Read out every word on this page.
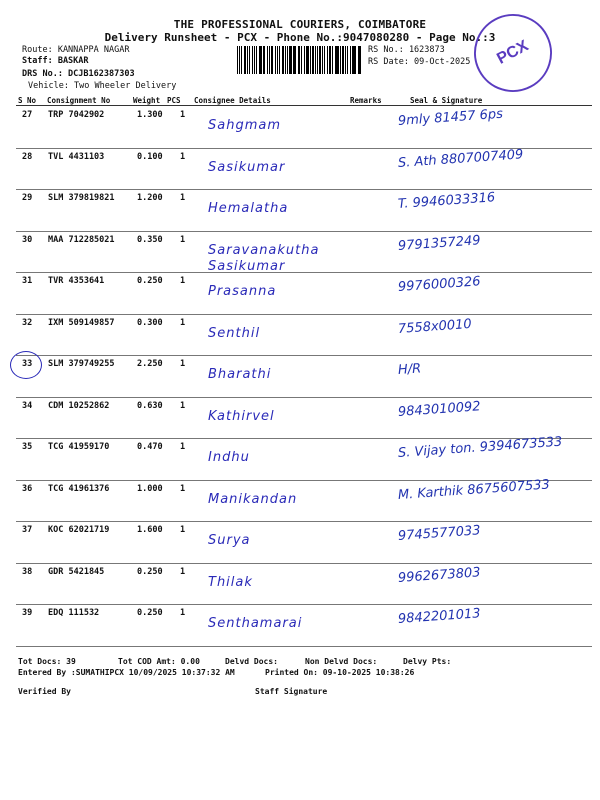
THE PROFESSIONAL COURIERS, COIMBATORE
Delivery Runsheet - PCX - Phone No.:9047080280 - Page No.:3
Route: KANNAPPA NAGAR
Staff: BASKAR
DRS No.: DCJB162387303
Vehicle: Two Wheeler Delivery
RS No.: 1623873
RS Date: 09-Oct-2025 PCX
S No Consignment No	Weight PCS Consignee Details	Remarks	Seal & Signature
27 TRP 7042902	1.300 1
Sahgmam	9mly 81457 6ps
28 TVL 4431103	0.100 1
Sasikumar	S. Ath 8807007409
29 SLM 379819821	1.200 1
Hemalatha	T. 9946033316
30 MAA 712285021	0.350 1
Saravanakutha Sasikumar
9791357249
31 TVR 4353641	0.250 1
Prasanna	9976000326
32 IXM 509149857	0.300 1
Senthil	7558x0010
33 SLM 379749255	2.250 1
Bharathi	H/R
34 CDM 10252862	0.630 1
Kathirvel	9843010092
35 TCG 41959170	0.470 1
Indhu	S. Vijay ton. 9394673533
36 TCG 41961376	1.000 1
Manikandan	M. Karthik 8675607533
37 KOC 62021719	1.600 1
Surya	9745577033
38 GDR 5421845	0.250 1
Thilak	9962673803
39 EDQ 111532	0.250 1
Senthamarai	9842201013
Tot Docs: 39	Tot COD Amt: 0.00	Delvd Docs:	Non Delvd Docs:	Delvy Pts:
Entered By :SUMATHIPCX 10/09/2025 10:37:32 AM	Printed On: 09-10-2025 10:38:26
Verified By	Staff Signature
